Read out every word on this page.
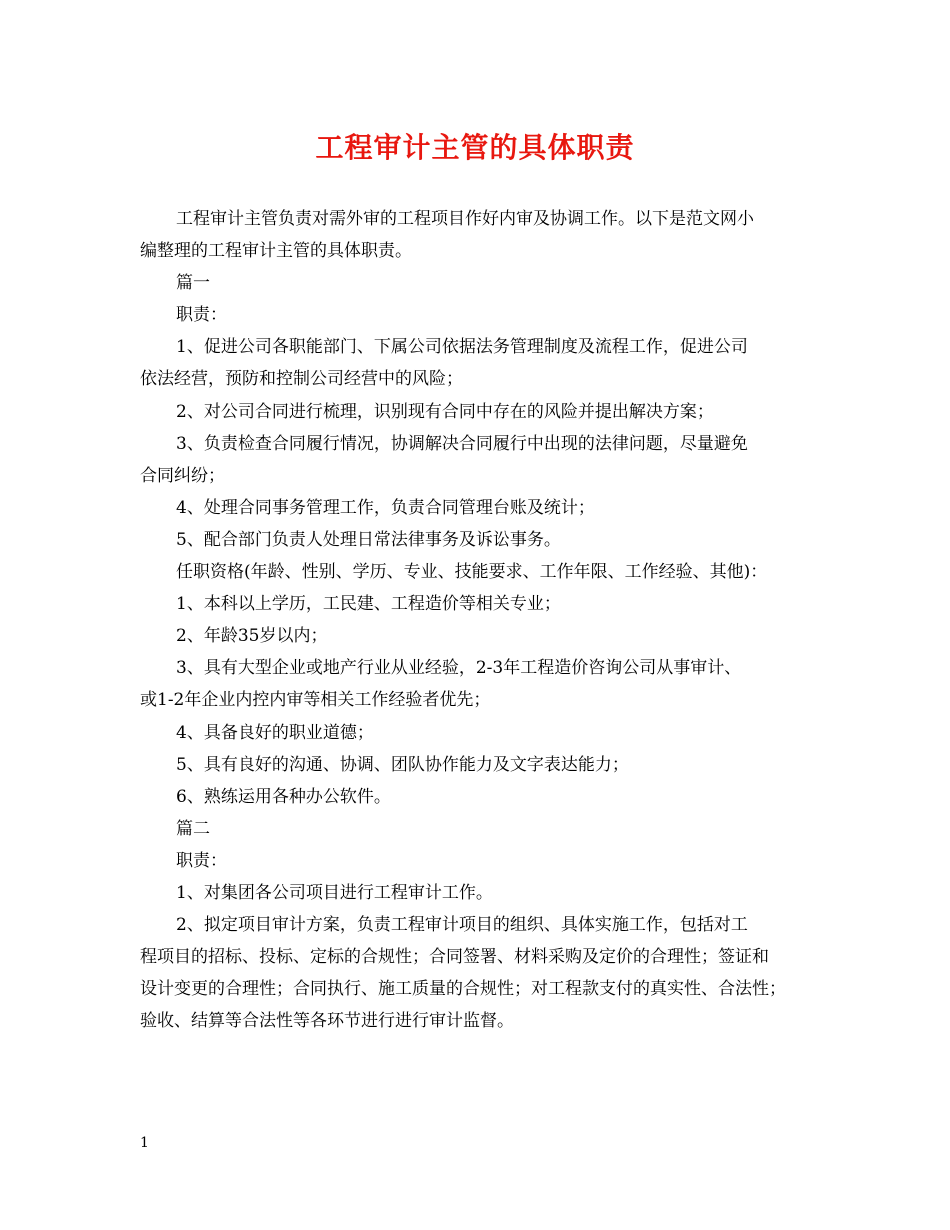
工程审计主管的具体职责
工程审计主管负责对需外审的工程项目作好内审及协调工作。以下是范文网小
编整理的工程审计主管的具体职责。
篇一
职责：
1、促进公司各职能部门、下属公司依据法务管理制度及流程工作，促进公司
依法经营，预防和控制公司经营中的风险；
2、对公司合同进行梳理，识别现有合同中存在的风险并提出解决方案；
3、负责检查合同履行情况，协调解决合同履行中出现的法律问题，尽量避免
合同纠纷；
4、处理合同事务管理工作，负责合同管理台账及统计；
5、配合部门负责人处理日常法律事务及诉讼事务。
任职资格(年龄、性别、学历、专业、技能要求、工作年限、工作经验、其他)：
1、本科以上学历，工民建、工程造价等相关专业；
2、年龄35岁以内；
3、具有大型企业或地产行业从业经验，2-3年工程造价咨询公司从事审计、
或1-2年企业内控内审等相关工作经验者优先；
4、具备良好的职业道德；
5、具有良好的沟通、协调、团队协作能力及文字表达能力；
6、熟练运用各种办公软件。
篇二
职责：
1、对集团各公司项目进行工程审计工作。
2、拟定项目审计方案，负责工程审计项目的组织、具体实施工作，包括对工
程项目的招标、投标、定标的合规性；合同签署、材料采购及定价的合理性；签证和
设计变更的合理性；合同执行、施工质量的合规性；对工程款支付的真实性、合法性；
验收、结算等合法性等各环节进行进行审计监督。
1
